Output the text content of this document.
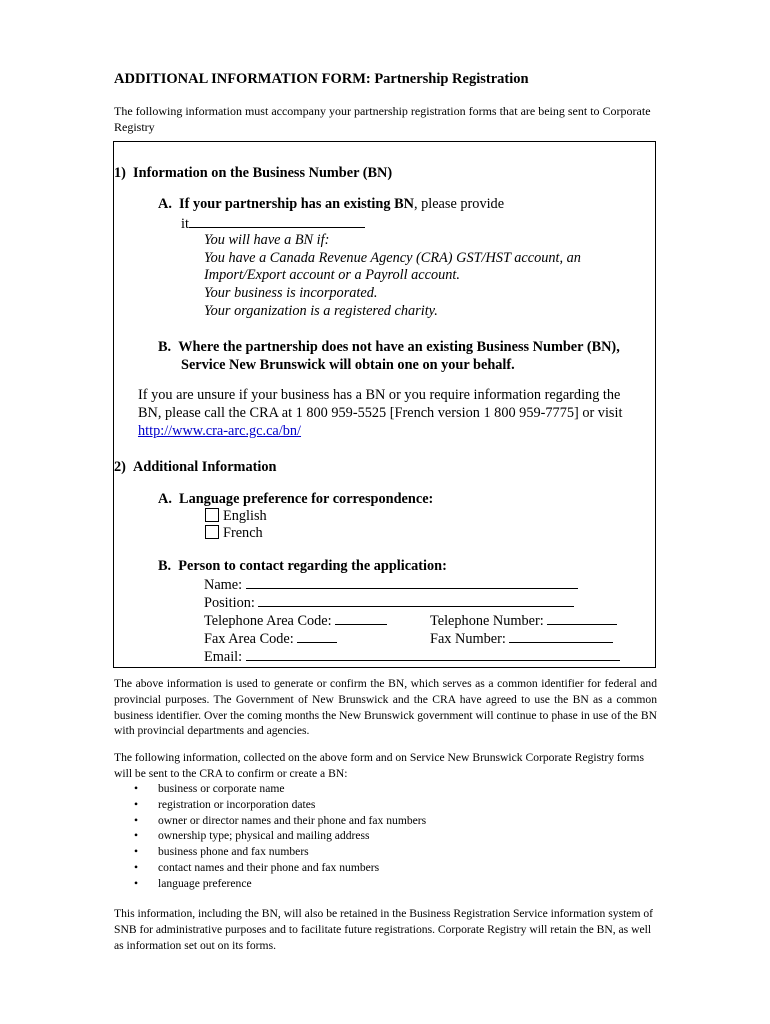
ADDITIONAL INFORMATION FORM: Partnership Registration
The following information must accompany your partnership registration forms that are being sent to Corporate Registry
1)  Information on the Business Number (BN)
A.  If your partnership has an existing BN, please provide
it
You will have a BN if:
You have a Canada Revenue Agency (CRA) GST/HST account, an
Import/Export account or a Payroll account.
Your business is incorporated.
Your organization is a registered charity.
B.  Where the partnership does not have an existing Business Number (BN),
Service New Brunswick will obtain one on your behalf.
If you are unsure if your business has a BN or you require information regarding the
BN, please call the CRA at 1 800 959-5525 [French version 1 800 959-7775] or visit
http://www.cra-arc.gc.ca/bn/
2)  Additional Information
A.  Language preference for correspondence:
English
French
B.  Person to contact regarding the application:
Name:
Position:
Telephone Area Code:	Telephone Number:
Fax Area Code:	Fax Number:
Email:
The above information is used to generate or confirm the BN, which serves as a common identifier for federal and provincial purposes. The Government of New Brunswick and the CRA have agreed to use the BN as a common business identifier. Over the coming months the New Brunswick government will continue to phase in use of the BN with provincial departments and agencies.
The following information, collected on the above form and on Service New Brunswick Corporate Registry forms will be sent to the CRA to confirm or create a BN:
• business or corporate name
• registration or incorporation dates
• owner or director names and their phone and fax numbers
• ownership type; physical and mailing address
• business phone and fax numbers
• contact names and their phone and fax numbers
• language preference
This information, including the BN, will also be retained in the Business Registration Service information system of SNB for administrative purposes and to facilitate future registrations. Corporate Registry will retain the BN, as well as information set out on its forms.
